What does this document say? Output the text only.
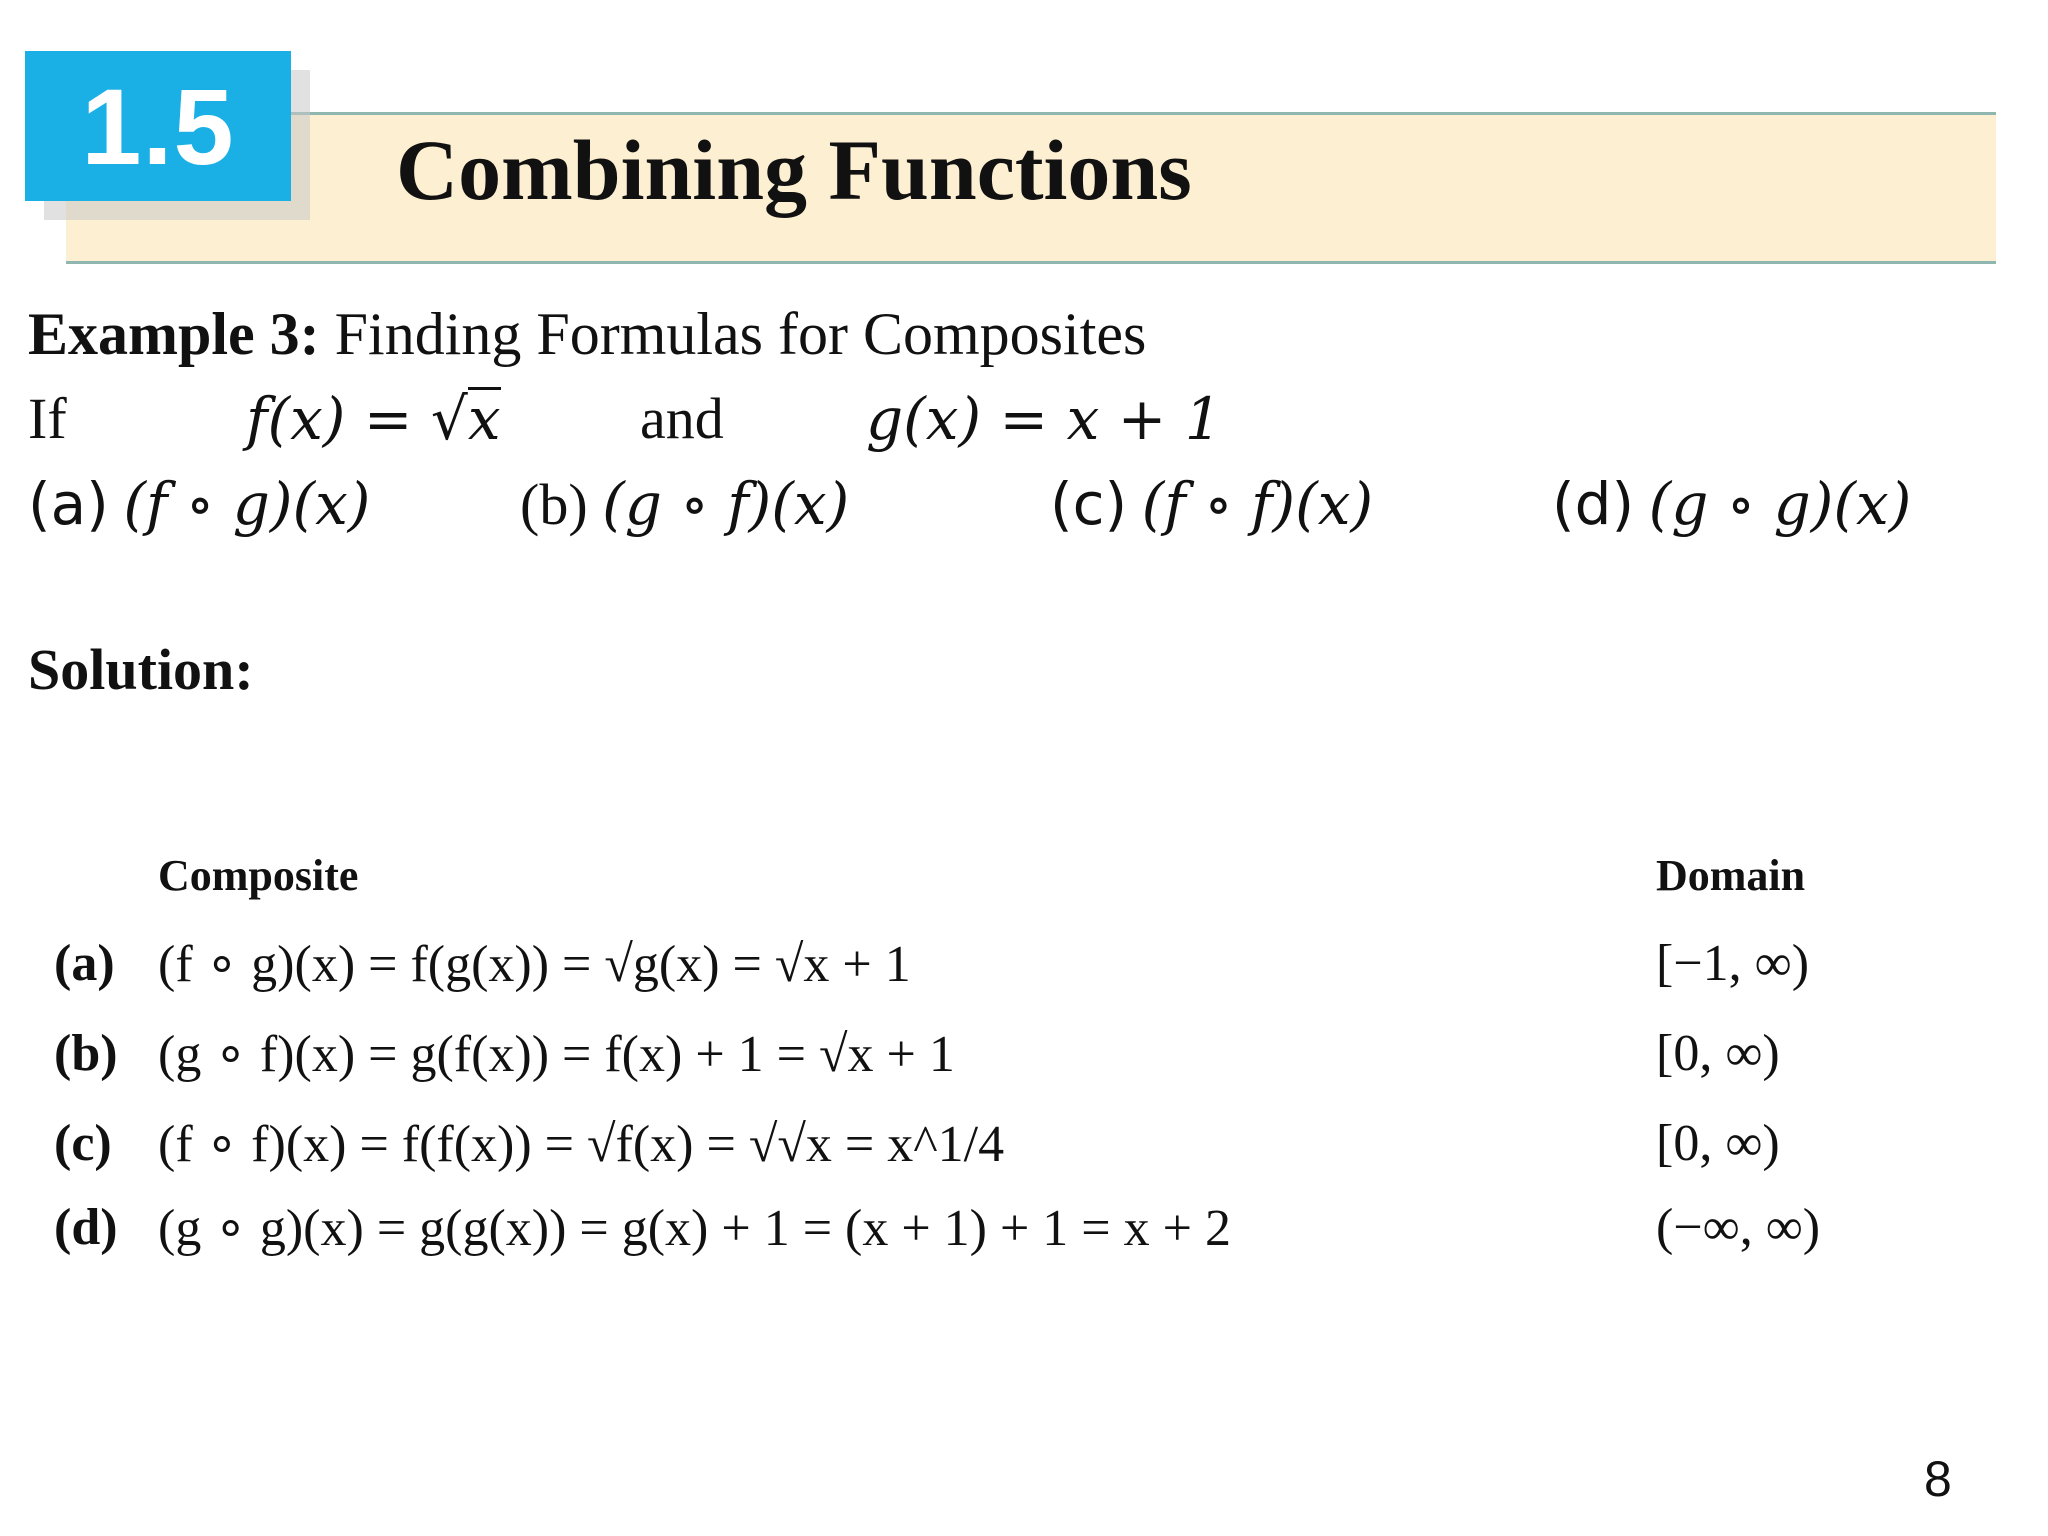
1.5 Combining Functions
Example 3: Finding Formulas for Composites
If	f(x) = √x and g(x) = x + 1
(a) (f ∘ g)(x)	(b) (g ∘ f)(x)	(c) (f ∘ f)(x)	(d) (g ∘ g)(x)
Solution:
Composite	Domain
(a) (f ∘ g)(x) = f(g(x)) = √g(x) = √x + 1	[−1, ∞)
(b) (g ∘ f)(x) = g(f(x)) = f(x) + 1 = √x + 1	[0, ∞)
(c) (f ∘ f)(x) = f(f(x)) = √f(x) = √√x = x^1/4	[0, ∞)
(d) (g ∘ g)(x) = g(g(x)) = g(x) + 1 = (x + 1) + 1 = x + 2	(−∞, ∞)
8
